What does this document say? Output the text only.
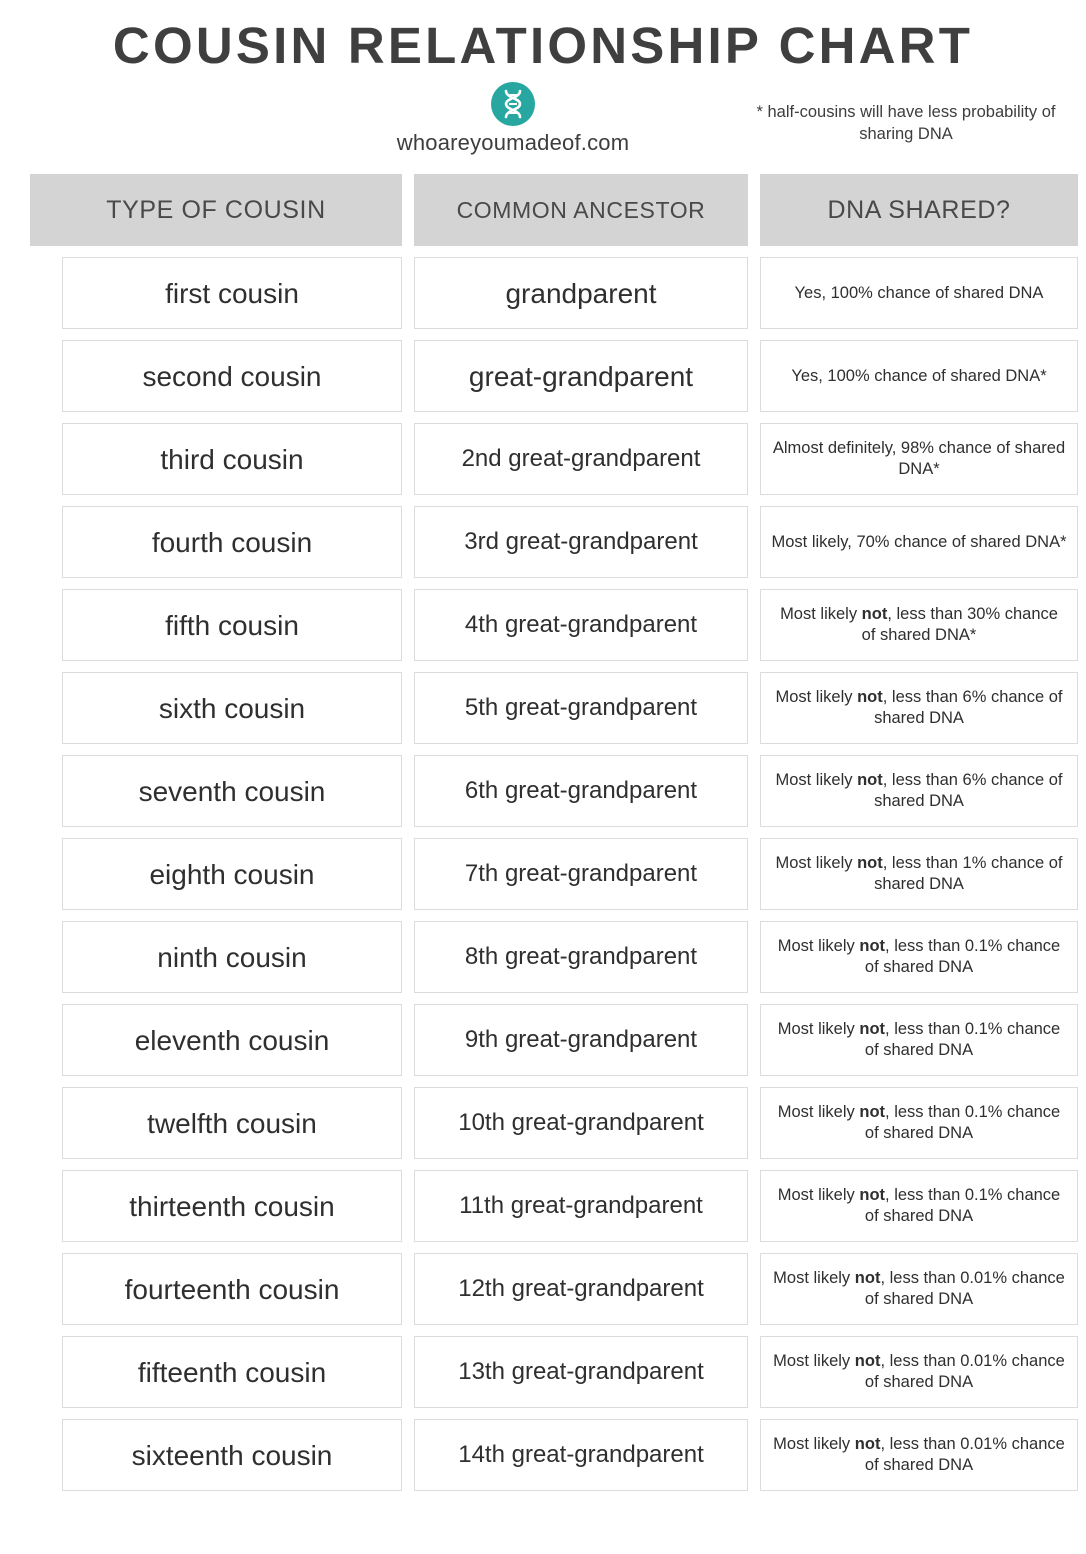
COUSIN RELATIONSHIP CHART
whoareyoumadeof.com
* half-cousins will have less probability of sharing DNA
TYPE OF COUSIN
first cousin
second cousin
third cousin
fourth cousin
fifth cousin
sixth cousin
seventh cousin
eighth cousin
ninth cousin
eleventh cousin
twelfth cousin
thirteenth cousin
fourteenth cousin
fifteenth cousin
sixteenth cousin
COMMON ANCESTOR
grandparent
great-grandparent
2nd great-grandparent
3rd great-grandparent
4th great-grandparent
5th great-grandparent
6th great-grandparent
7th great-grandparent
8th great-grandparent
9th great-grandparent
10th great-grandparent
11th great-grandparent
12th great-grandparent
13th great-grandparent
14th great-grandparent
DNA SHARED?
Yes, 100% chance of shared DNA
Yes, 100% chance of shared DNA*
Almost definitely, 98% chance of shared DNA*
Most likely, 70% chance of shared DNA*
Most likely not, less than 30% chance of shared DNA*
Most likely not, less than 6% chance of shared DNA
Most likely not, less than 6% chance of shared DNA
Most likely not, less than 1% chance of shared DNA
Most likely not, less than 0.1% chance of shared DNA
Most likely not, less than 0.1% chance of shared DNA
Most likely not, less than 0.1% chance of shared DNA
Most likely not, less than 0.1% chance of shared DNA
Most likely not, less than 0.01% chance of shared DNA
Most likely not, less than 0.01% chance of shared DNA
Most likely not, less than 0.01% chance of shared DNA
